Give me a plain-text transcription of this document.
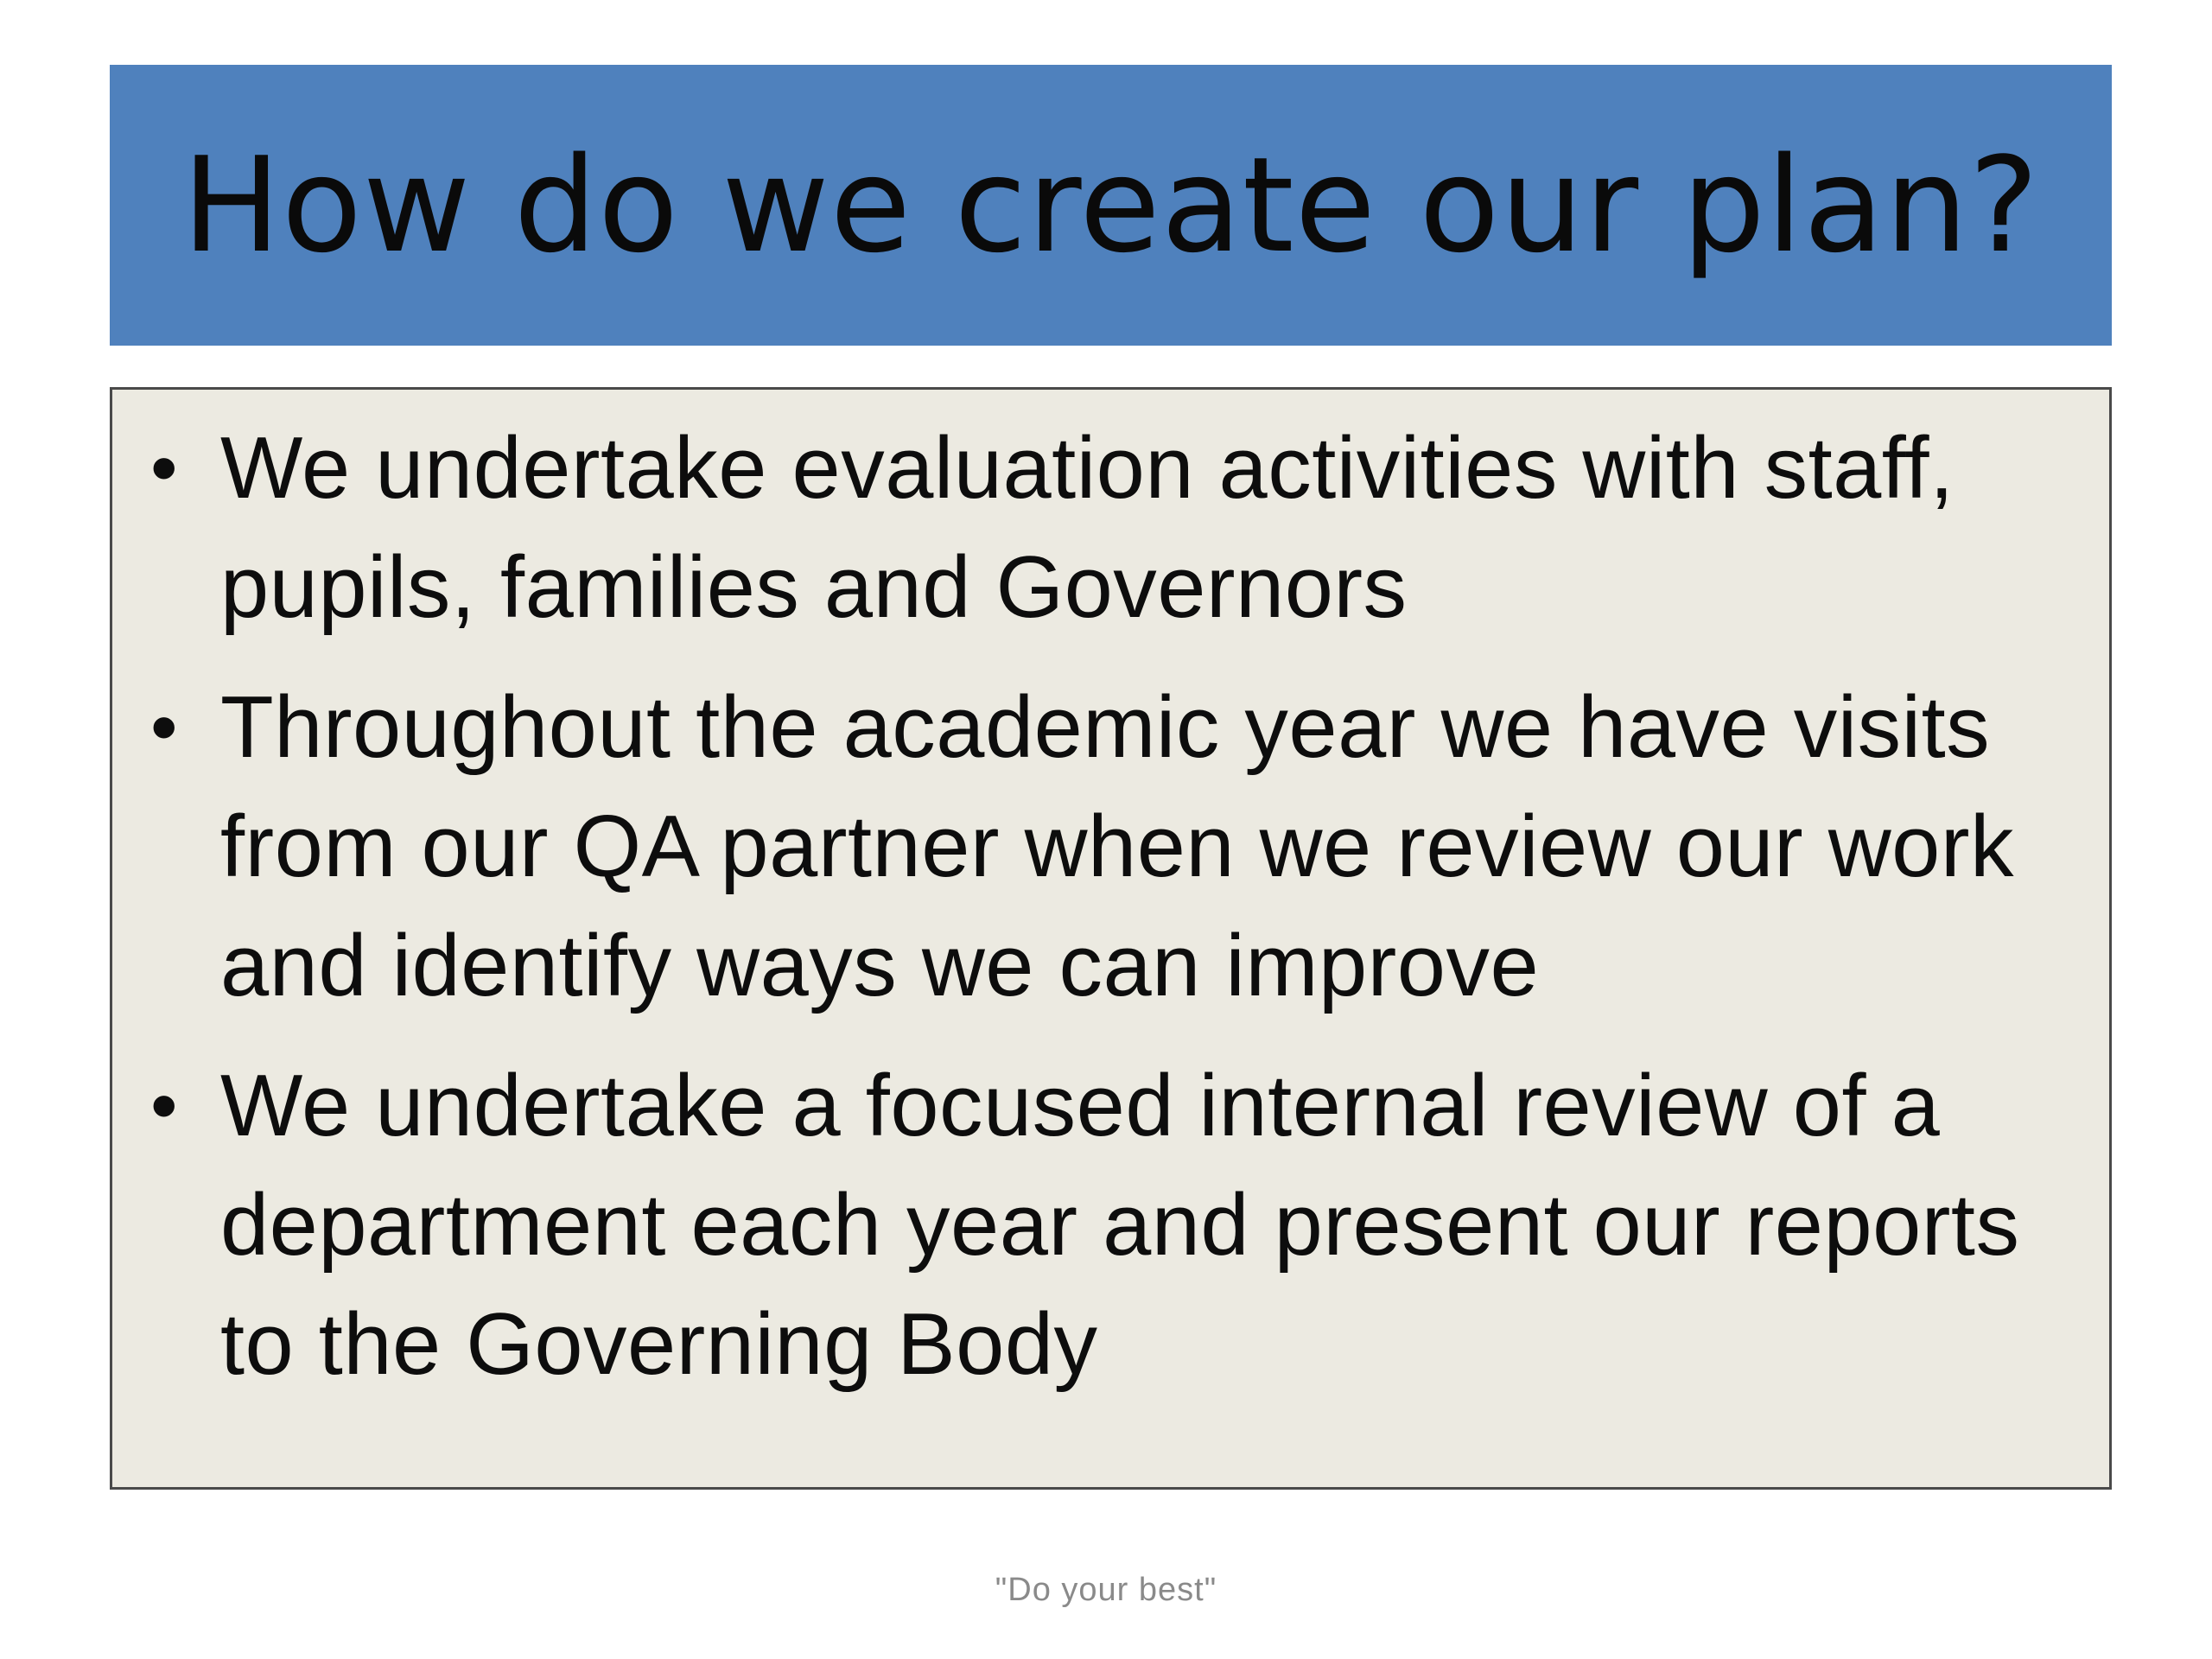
How do we create our plan?
• We undertake evaluation activities with staff, pupils, families and Governors
• Throughout the academic year we have visits from our QA partner when we review our work and identify ways we can improve
• We undertake a focused internal review of a department each year and present our reports to the Governing Body
"Do your best"
